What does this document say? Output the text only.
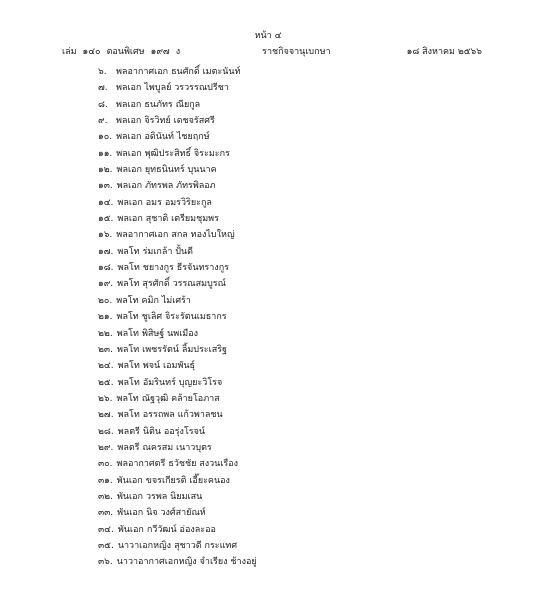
หน้า ๔
เล่ม ๑๔๐ ตอนพิเศษ ๑๙๗ ง	ราชกิจจานุเบกษา	๑๘ สิงหาคม ๒๕๖๖
๖. พลอากาศเอก ธนศักดิ์ เมตะนันท์
๗. พลเอก ไพบูลย์ วรวรรณปรีชา
๘. พลเอก ธนภัทร ณียกูล
๙. พลเอก จิรวิทย์ เดชจรัสศรี
๑๐. พลเอก อดินันท์ ไชยฤกษ์
๑๑. พลเอก พุฒิประสิทธิ์ จิระมะกร
๑๒. พลเอก ยุทธนินทร์ บุนนาค
๑๓. พลเอก ภัทรพล ภัทรพิลอภ
๑๔. พลเอก อมร อมรวิริยะกูล
๑๕. พลเอก สุชาติ เตรียมชุมพร
๑๖. พลอากาศเอก สกล ทองไบใหญ่
๑๗. พลโท ร่มเกล้า ปั้นดี
๑๘. พลโท ชยางกูร ธีรจันทรางกูร
๑๙. พลโท สุรศักดิ์ วรรณสมบูรณ์
๒๐. พลโท คมิก ไม่เศร้า
๒๑. พลโท ชูเลิศ จิระรัตนเมธากร
๒๒. พลโท พิสิษฐ์ นพเมือง
๒๓. พลโท เพชรรัตน์ ลิ้มประเสริฐ
๒๔. พลโท พจน์ เอมพันธุ์
๒๕. พลโท อัมรินทร์ บุญยะวิโรจ
๒๖. พลโท ณัฐวุฒิ คล้ายโอภาส
๒๗. พลโท อรรถพล แก้วพาลชน
๒๘. พลตรี นิติน ออรุ่งโรจน์
๒๙. พลตรี ณครสม เนาวบุตร
๓๐. พลอากาศตรี ธวัชชัย สงวนเรือง
๓๑. พันเอก ขจรเกียรติ เอี๊ยะคนอง
๓๒. พันเอก วรพล นิยมเสน
๓๓. พันเอก นิจ วงศ์สายัณห์
๓๔. พันเอก กวีวัฒน์ อ่องละออ
๓๕. นาวาเอกหญิง สุชาวดี กระแทศ
๓๖. นาวาอากาศเอกหญิง จำเรียง ช้างอยู่
